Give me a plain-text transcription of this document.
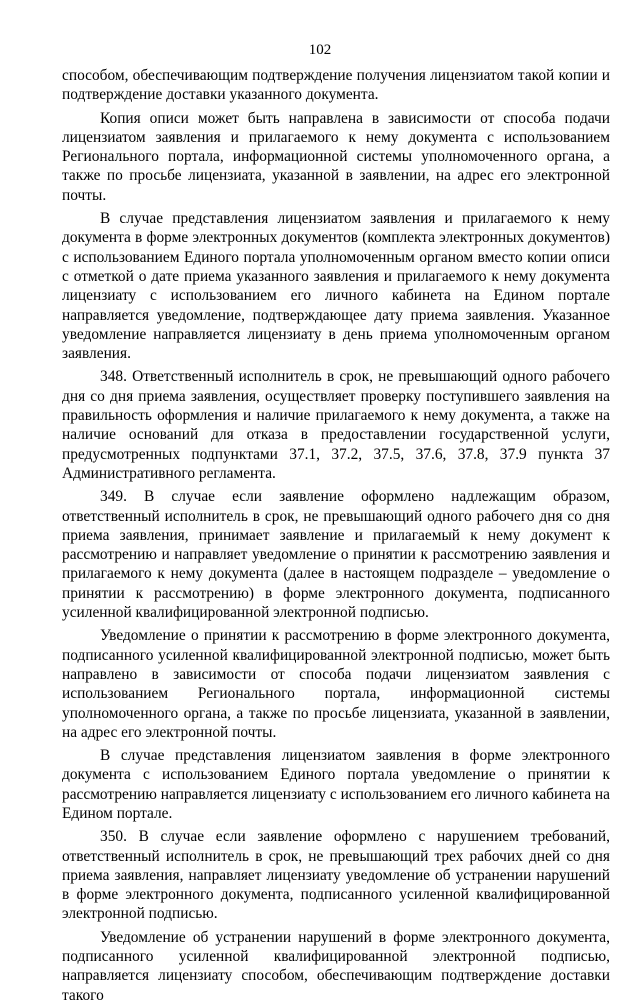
102

способом, обеспечивающим подтверждение получения лицензиатом такой копии и подтверждение доставки указанного документа.

Копия описи может быть направлена в зависимости от способа подачи лицензиатом заявления и прилагаемого к нему документа с использованием Регионального портала, информационной системы уполномоченного органа, а также по просьбе лицензиата, указанной в заявлении, на адрес его электронной почты.

В случае представления лицензиатом заявления и прилагаемого к нему документа в форме электронных документов (комплекта электронных документов) с использованием Единого портала уполномоченным органом вместо копии описи с отметкой о дате приема указанного заявления и прилагаемого к нему документа лицензиату с использованием его личного кабинета на Едином портале направляется уведомление, подтверждающее дату приема заявления. Указанное уведомление направляется лицензиату в день приема уполномоченным органом заявления.

348. Ответственный исполнитель в срок, не превышающий одного рабочего дня со дня приема заявления, осуществляет проверку поступившего заявления на правильность оформления и наличие прилагаемого к нему документа, а также на наличие оснований для отказа в предоставлении государственной услуги, предусмотренных подпунктами 37.1, 37.2, 37.5, 37.6, 37.8, 37.9 пункта 37 Административного регламента.

349. В случае если заявление оформлено надлежащим образом, ответственный исполнитель в срок, не превышающий одного рабочего дня со дня приема заявления, принимает заявление и прилагаемый к нему документ к рассмотрению и направляет уведомление о принятии к рассмотрению заявления и прилагаемого к нему документа (далее в настоящем подразделе – уведомление о принятии к рассмотрению) в форме электронного документа, подписанного усиленной квалифицированной электронной подписью.

Уведомление о принятии к рассмотрению в форме электронного документа, подписанного усиленной квалифицированной электронной подписью, может быть направлено в зависимости от способа подачи лицензиатом заявления с использованием Регионального портала, информационной системы уполномоченного органа, а также по просьбе лицензиата, указанной в заявлении, на адрес его электронной почты.

В случае представления лицензиатом заявления в форме электронного документа с использованием Единого портала уведомление о принятии к рассмотрению направляется лицензиату с использованием его личного кабинета на Едином портале.

350. В случае если заявление оформлено с нарушением требований, ответственный исполнитель в срок, не превышающий трех рабочих дней со дня приема заявления, направляет лицензиату уведомление об устранении нарушений в форме электронного документа, подписанного усиленной квалифицированной электронной подписью.

Уведомление об устранении нарушений в форме электронного документа, подписанного усиленной квалифицированной электронной подписью, направляется лицензиату способом, обеспечивающим подтверждение доставки такого
